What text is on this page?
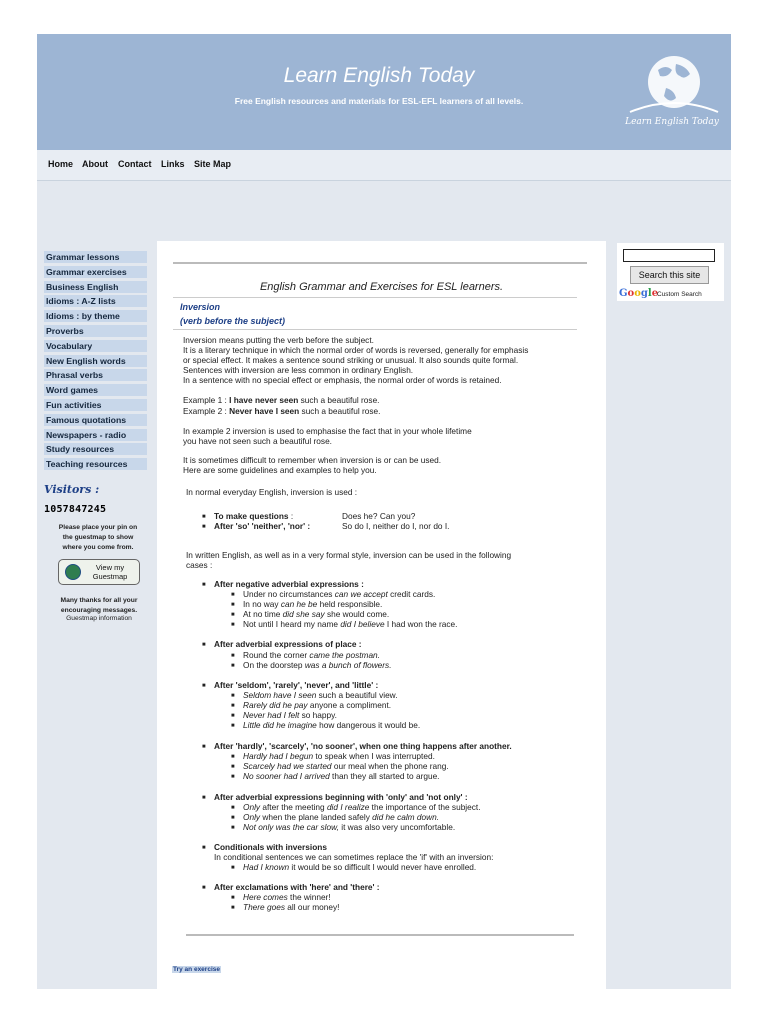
Learn English Today
Free English resources and materials for ESL-EFL learners of all levels.
Learn English Today
Home About Contact Links Site Map
Grammar lessons
Grammar exercises
Business English
Idioms : A-Z lists
Idioms : by theme
Proverbs
Vocabulary
New English words
Phrasal verbs
Word games
Fun activities
Famous quotations
Newspapers - radio
Study resources
Teaching resources
Visitors :
1057847245
Please place your pin on
the guestmap to show
where you come from.
View my
Guestmap
Many thanks for all your
encouraging messages.
Guestmap information
Search this site
Google
Custom Search
English Grammar and Exercises for ESL learners.
Inversion
(verb before the subject)
Inversion means putting the verb before the subject.
It is a literary technique in which the normal order of words is reversed, generally for emphasis
or special effect. It makes a sentence sound striking or unusual. It also sounds quite formal.
Sentences with inversion are less common in ordinary English.
In a sentence with no special effect or emphasis, the normal order of words is retained.
Example 1 : I have never seen such a beautiful rose.
Example 2 : Never have I seen such a beautiful rose.
In example 2 inversion is used to emphasise the fact that in your whole lifetime
you have not seen such a beautiful rose.
It is sometimes difficult to remember when inversion is or can be used.
Here are some guidelines and examples to help you.
In normal everyday English, inversion is used :
■ To make questions :	Does he? Can you?
■ After 'so' 'neither', 'nor' :	So do I, neither do I, nor do I.
In written English, as well as in a very formal style, inversion can be used in the following
cases :
■ After negative adverbial expressions :
■ Under no circumstances can we accept credit cards.
■ In no way can he be held responsible.
■ At no time did she say she would come.
■ Not until I heard my name did I believe I had won the race.
■ After adverbial expressions of place :
■ Round the corner came the postman.
■ On the doorstep was a bunch of flowers.
■ After 'seldom', 'rarely', 'never', and 'little' :
■ Seldom have I seen such a beautiful view.
■ Rarely did he pay anyone a compliment.
■ Never had I felt so happy.
■ Little did he imagine how dangerous it would be.
■ After 'hardly', 'scarcely', 'no sooner', when one thing happens after another.
■ Hardly had I begun to speak when I was interrupted.
■ Scarcely had we started our meal when the phone rang.
■ No sooner had I arrived than they all started to argue.
■ After adverbial expressions beginning with 'only' and 'not only' :
■ Only after the meeting did I realize the importance of the subject.
■ Only when the plane landed safely did he calm down.
■ Not only was the car slow, it was also very uncomfortable.
■ Conditionals with inversions
In conditional sentences we can sometimes replace the 'if' with an inversion:
■ Had I known it would be so difficult I would never have enrolled.
■ After exclamations with 'here' and 'there' :
■ Here comes the winner!
■ There goes all our money!
Try an exercise
